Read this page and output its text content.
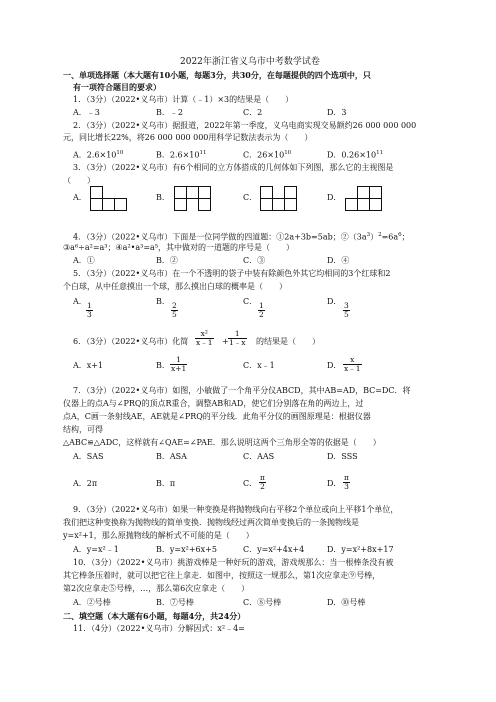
2022年浙江省义乌市中考数学试卷
一、单项选择题（本大题有10小题，每题3分，共30分，在每题提供的四个选项中，只
有一项符合题目的要求）
1．（3分）（2022•义乌市）计算（﹣1）×3的结果是（　　）
A．﹣3	B．﹣2	C．2	D．3
2．（3分）（2022•义乌市）据报道，2022年第一季度，义乌电商实现交易额约26 000 000 000
元，同比增长22%，将26 000 000 000用科学记数法表示为（　　）
A．$2.6\times 10^{10}$	B．$2.6\times 10^{11}$	C．$26\times 10^{10}$	D．$0.26\times 10^{11}$
3．（3分）（2022•义乌市）有6个相同的立方体搭成的几何体如下列图，那么它的主视图是
（　　）
A．	B．	C．	D．
4．（3分）（2022•义乌市）下面是一位同学做的四道题：①2a+3b=5ab；$②(3a^3)^2=6a^6$；
③a⁶÷a²=a³；④a²•a³=a⁵，其中做对的一道题的序号是（　　）
A．①	B．②	C．③	D．④
5．（3分）（2022•义乌市）在一个不透明的袋子中装有除颜色外其它均相同的3个红球和2
个白球，从中任意摸出一个球，那么摸出白球的概率是（　　）
A．
$\frac{1}{3}$
B．
$\frac{2}{5}$
C．
$\frac{1}{2}$
D．
$\frac{3}{5}$
6．（3分）（2022•义乌市）化简 $\frac{\text{x²}}{x﹣1} + \frac{1}{1﹣x}$ 的结果是（　　）
A．x+1	B． $\frac{1}{x+1}$	C．x﹣1	D． $\frac{x}{x﹣1}$
7．（3分）（2022•义乌市）如图，小敏做了一个角平分仪ABCD，其中AB=AD，BC=DC．将
仪器上的点A与∠PRQ的顶点R重合，调整AB和AD，使它们分别落在角的两边上，过
点A，C画一条射线AE，AE就是∠PRQ的平分线．此角平分仪的画图原理是：根据仪器
结构，可得
△ABC≌△ADC，这样就有∠QAE=∠PAE．那么说明这两个三角形全等的依据是（　　）
A．SAS	B．ASA	C．AAS	D．SSS
A．2π	B．π	C． $\frac{\pi}{2}$	D． $\frac{\pi}{3}$
9．（3分）（2022•义乌市）如果一种变换是将抛物线向右平移2个单位或向上平移1个单位，
我们把这种变换称为抛物线的简单变换．抛物线经过两次简单变换后的一条抛物线是
y=x²+1，那么原抛物线的解析式不可能的是（　　）
A．y=x²﹣1	B．y=x²+6x+5	C．y=x²+4x+4	D．y=x²+8x+17
10．（3分）（2022•义乌市）挑游戏棒是一种好玩的游戏，游戏规那么：当一根棒条没有被
其它棒条压着时，就可以把它往上拿走．如图中，按照这一规那么，第1次应拿走⑨号棒，
第2次应拿走⑤号棒，…，那么第6次应拿走（　　）
A．②号棒	B．⑦号棒	C．⑧号棒	D．⑩号棒
二、填空题（本大题有6小题，每题4分，共24分）
11．（4分）（2022•义乌市）分解因式：x²﹣4=
